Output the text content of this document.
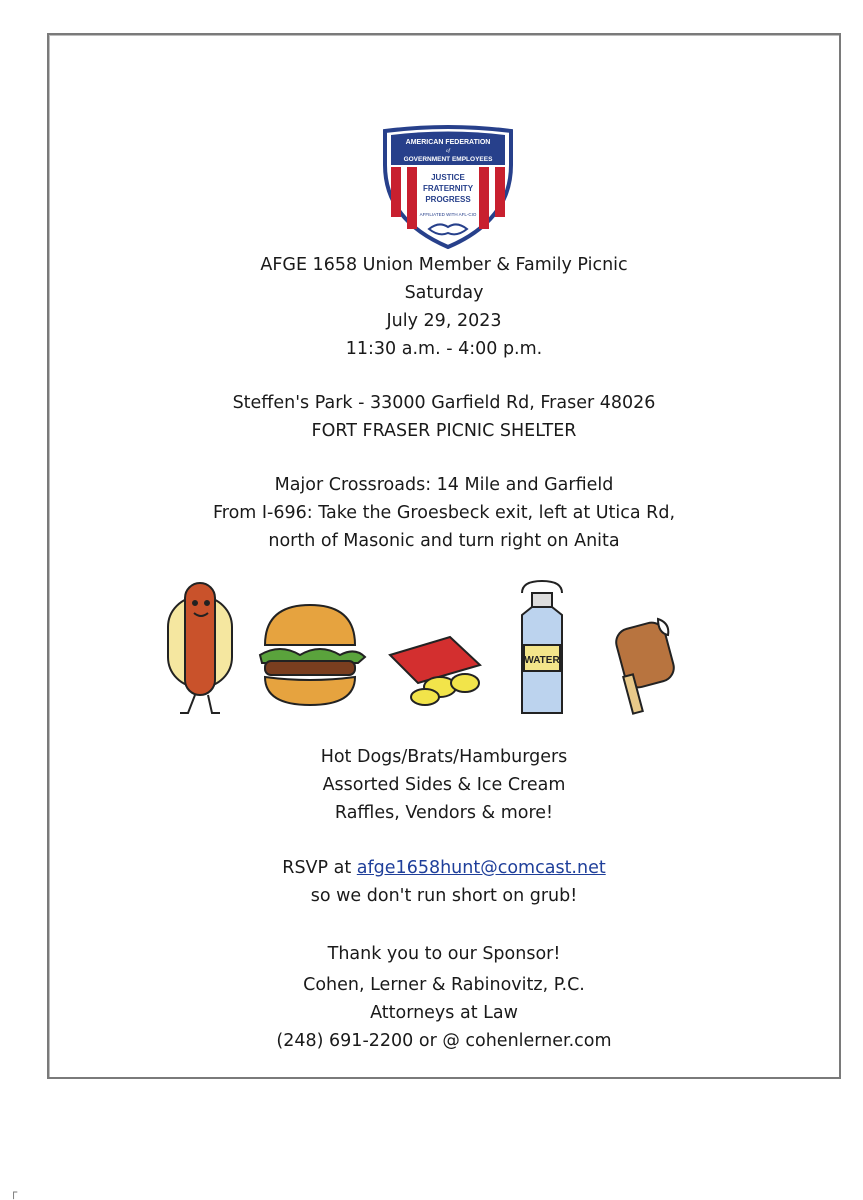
AMERICAN FEDERATION
of
GOVERNMENT EMPLOYEES
JUSTICE
FRATERNITY
PROGRESS
AFFILIATED WITH AFL-CIO
AFGE 1658 Union Member & Family Picnic
Saturday
July 29, 2023
11:30 a.m. - 4:00 p.m.
Steffen's Park - 33000 Garfield Rd, Fraser 48026
FORT FRASER PICNIC SHELTER
Major Crossroads: 14 Mile and Garfield
From I-696: Take the Groesbeck exit, left at Utica Rd,
north of Masonic and turn right on Anita
WATER
Hot Dogs/Brats/Hamburgers
Assorted Sides & Ice Cream
Raffles, Vendors & more!
RSVP at afge1658hunt@comcast.net
so we don't run short on grub!
Thank you to our Sponsor!
Cohen, Lerner & Rabinovitz, P.C.
Attorneys at Law
(248) 691-2200 or @ cohenlerner.com
┌
